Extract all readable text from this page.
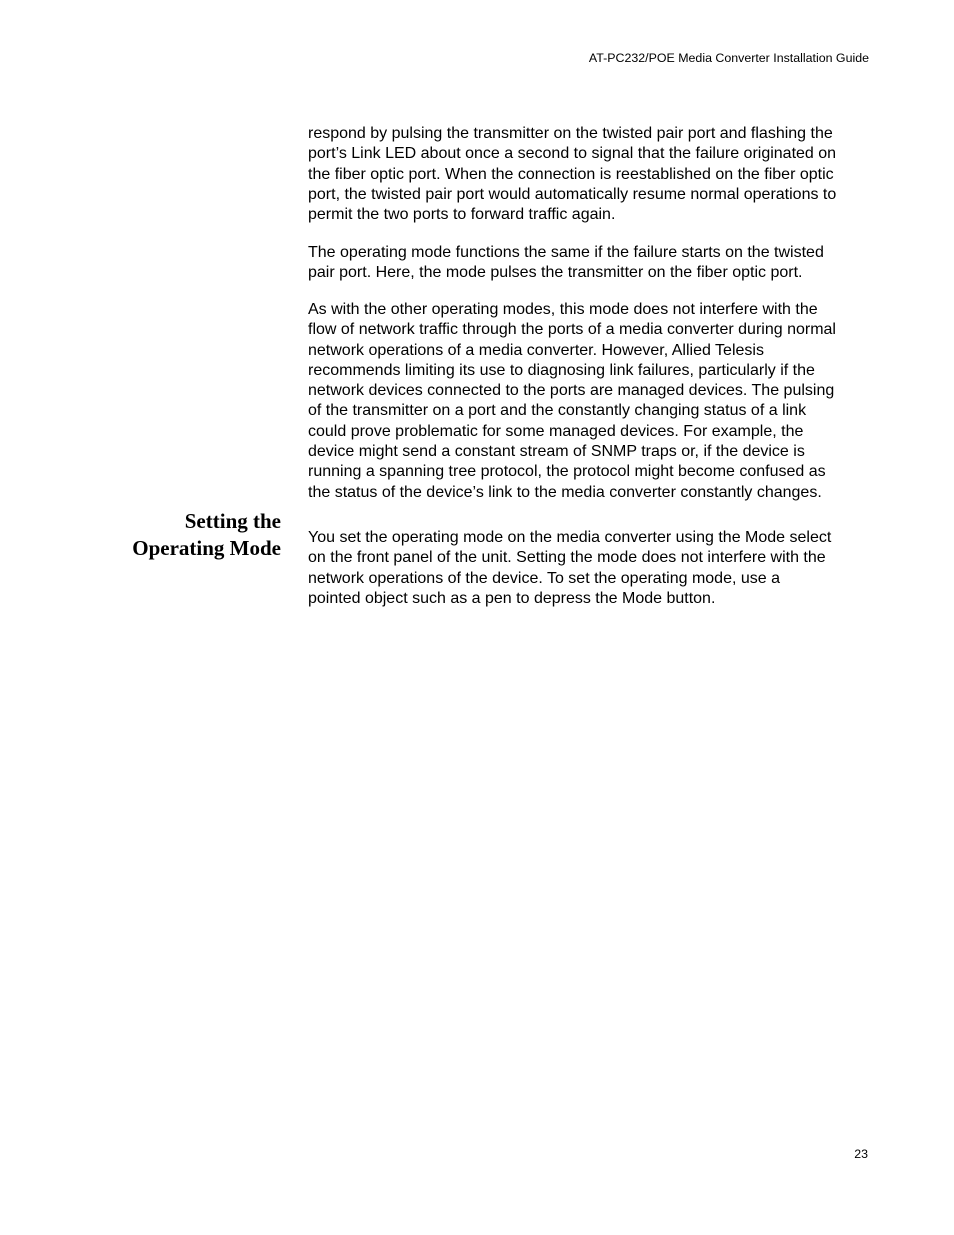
AT-PC232/POE Media Converter Installation Guide

respond by pulsing the transmitter on the twisted pair port and flashing the
port’s Link LED about once a second to signal that the failure originated on
the fiber optic port. When the connection is reestablished on the fiber optic
port, the twisted pair port would automatically resume normal operations to
permit the two ports to forward traffic again.

The operating mode functions the same if the failure starts on the twisted
pair port. Here, the mode pulses the transmitter on the fiber optic port.

As with the other operating modes, this mode does not interfere with the
flow of network traffic through the ports of a media converter during normal
network operations of a media converter. However, Allied Telesis
recommends limiting its use to diagnosing link failures, particularly if the
network devices connected to the ports are managed devices. The pulsing
of the transmitter on a port and the constantly changing status of a link
could prove problematic for some managed devices. For example, the
device might send a constant stream of SNMP traps or, if the device is
running a spanning tree protocol, the protocol might become confused as
the status of the device’s link to the media converter constantly changes.

Setting the
Operating Mode You set the operating mode on the media converter using the Mode select
on the front panel of the unit. Setting the mode does not interfere with the
network operations of the device. To set the operating mode, use a
pointed object such as a pen to depress the Mode button.

23
